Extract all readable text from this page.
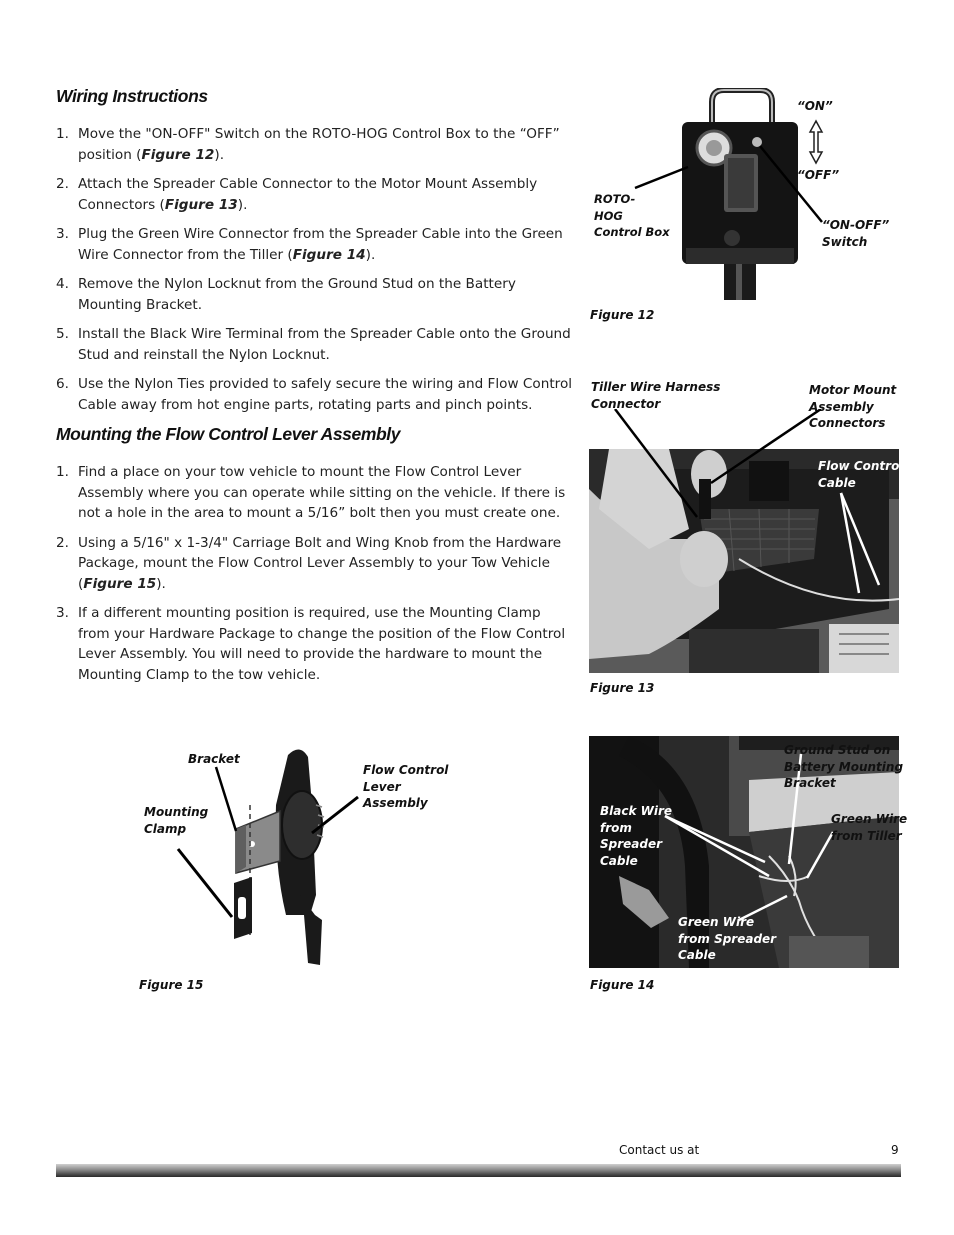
Wiring Instructions
1. Move the "ON-OFF" Switch on the ROTO-HOG Control Box to the “OFF” position (Figure 12).
2. Attach the Spreader Cable Connector to the Motor Mount Assembly Connectors (Figure 13).
3. Plug the Green Wire Connector from the Spreader Cable into the Green Wire Connector from the Tiller (Figure 14).
4. Remove the Nylon Locknut from the Ground Stud on the Battery Mounting Bracket.
5. Install the Black Wire Terminal from the Spreader Cable onto the Ground Stud and reinstall the Nylon Locknut.
6. Use the Nylon Ties provided to safely secure the wiring and Flow Control Cable away from hot engine parts, rotating parts and pinch points.
Mounting the Flow Control Lever Assembly
1. Find a place on your tow vehicle to mount the Flow Control Lever Assembly where you can operate while sitting on the vehicle. If there is not a hole in the area to mount a 5/16” bolt then you must create one.
2. Using a 5/16" x 1-3/4" Carriage Bolt and Wing Knob from the Hardware Package, mount the Flow Control Lever Assembly to your Tow Vehicle (Figure 15).
3. If a different mounting position is required, use the Mounting Clamp from your Hardware Package to change the position of the Flow Control Lever Assembly. You will need to provide the hardware to mount the Mounting Clamp to the tow vehicle.
“ON”
“OFF”
ROTO-
HOG
Control Box	“ON-OFF”
Switch
Figure 12
Tiller Wire Harness
Connector
Motor Mount
Assembly
Connectors
Flow Control
Cable
Figure 13
Bracket
Mounting
Clamp
Flow Control
Lever
Assembly
Figure 15
Ground Stud on
Battery Mounting
Bracket
Black Wire
from
Spreader
Cable
Green Wire
from Tiller
Green Wire
from Spreader
Cable
Figure 14
Contact us at	9
